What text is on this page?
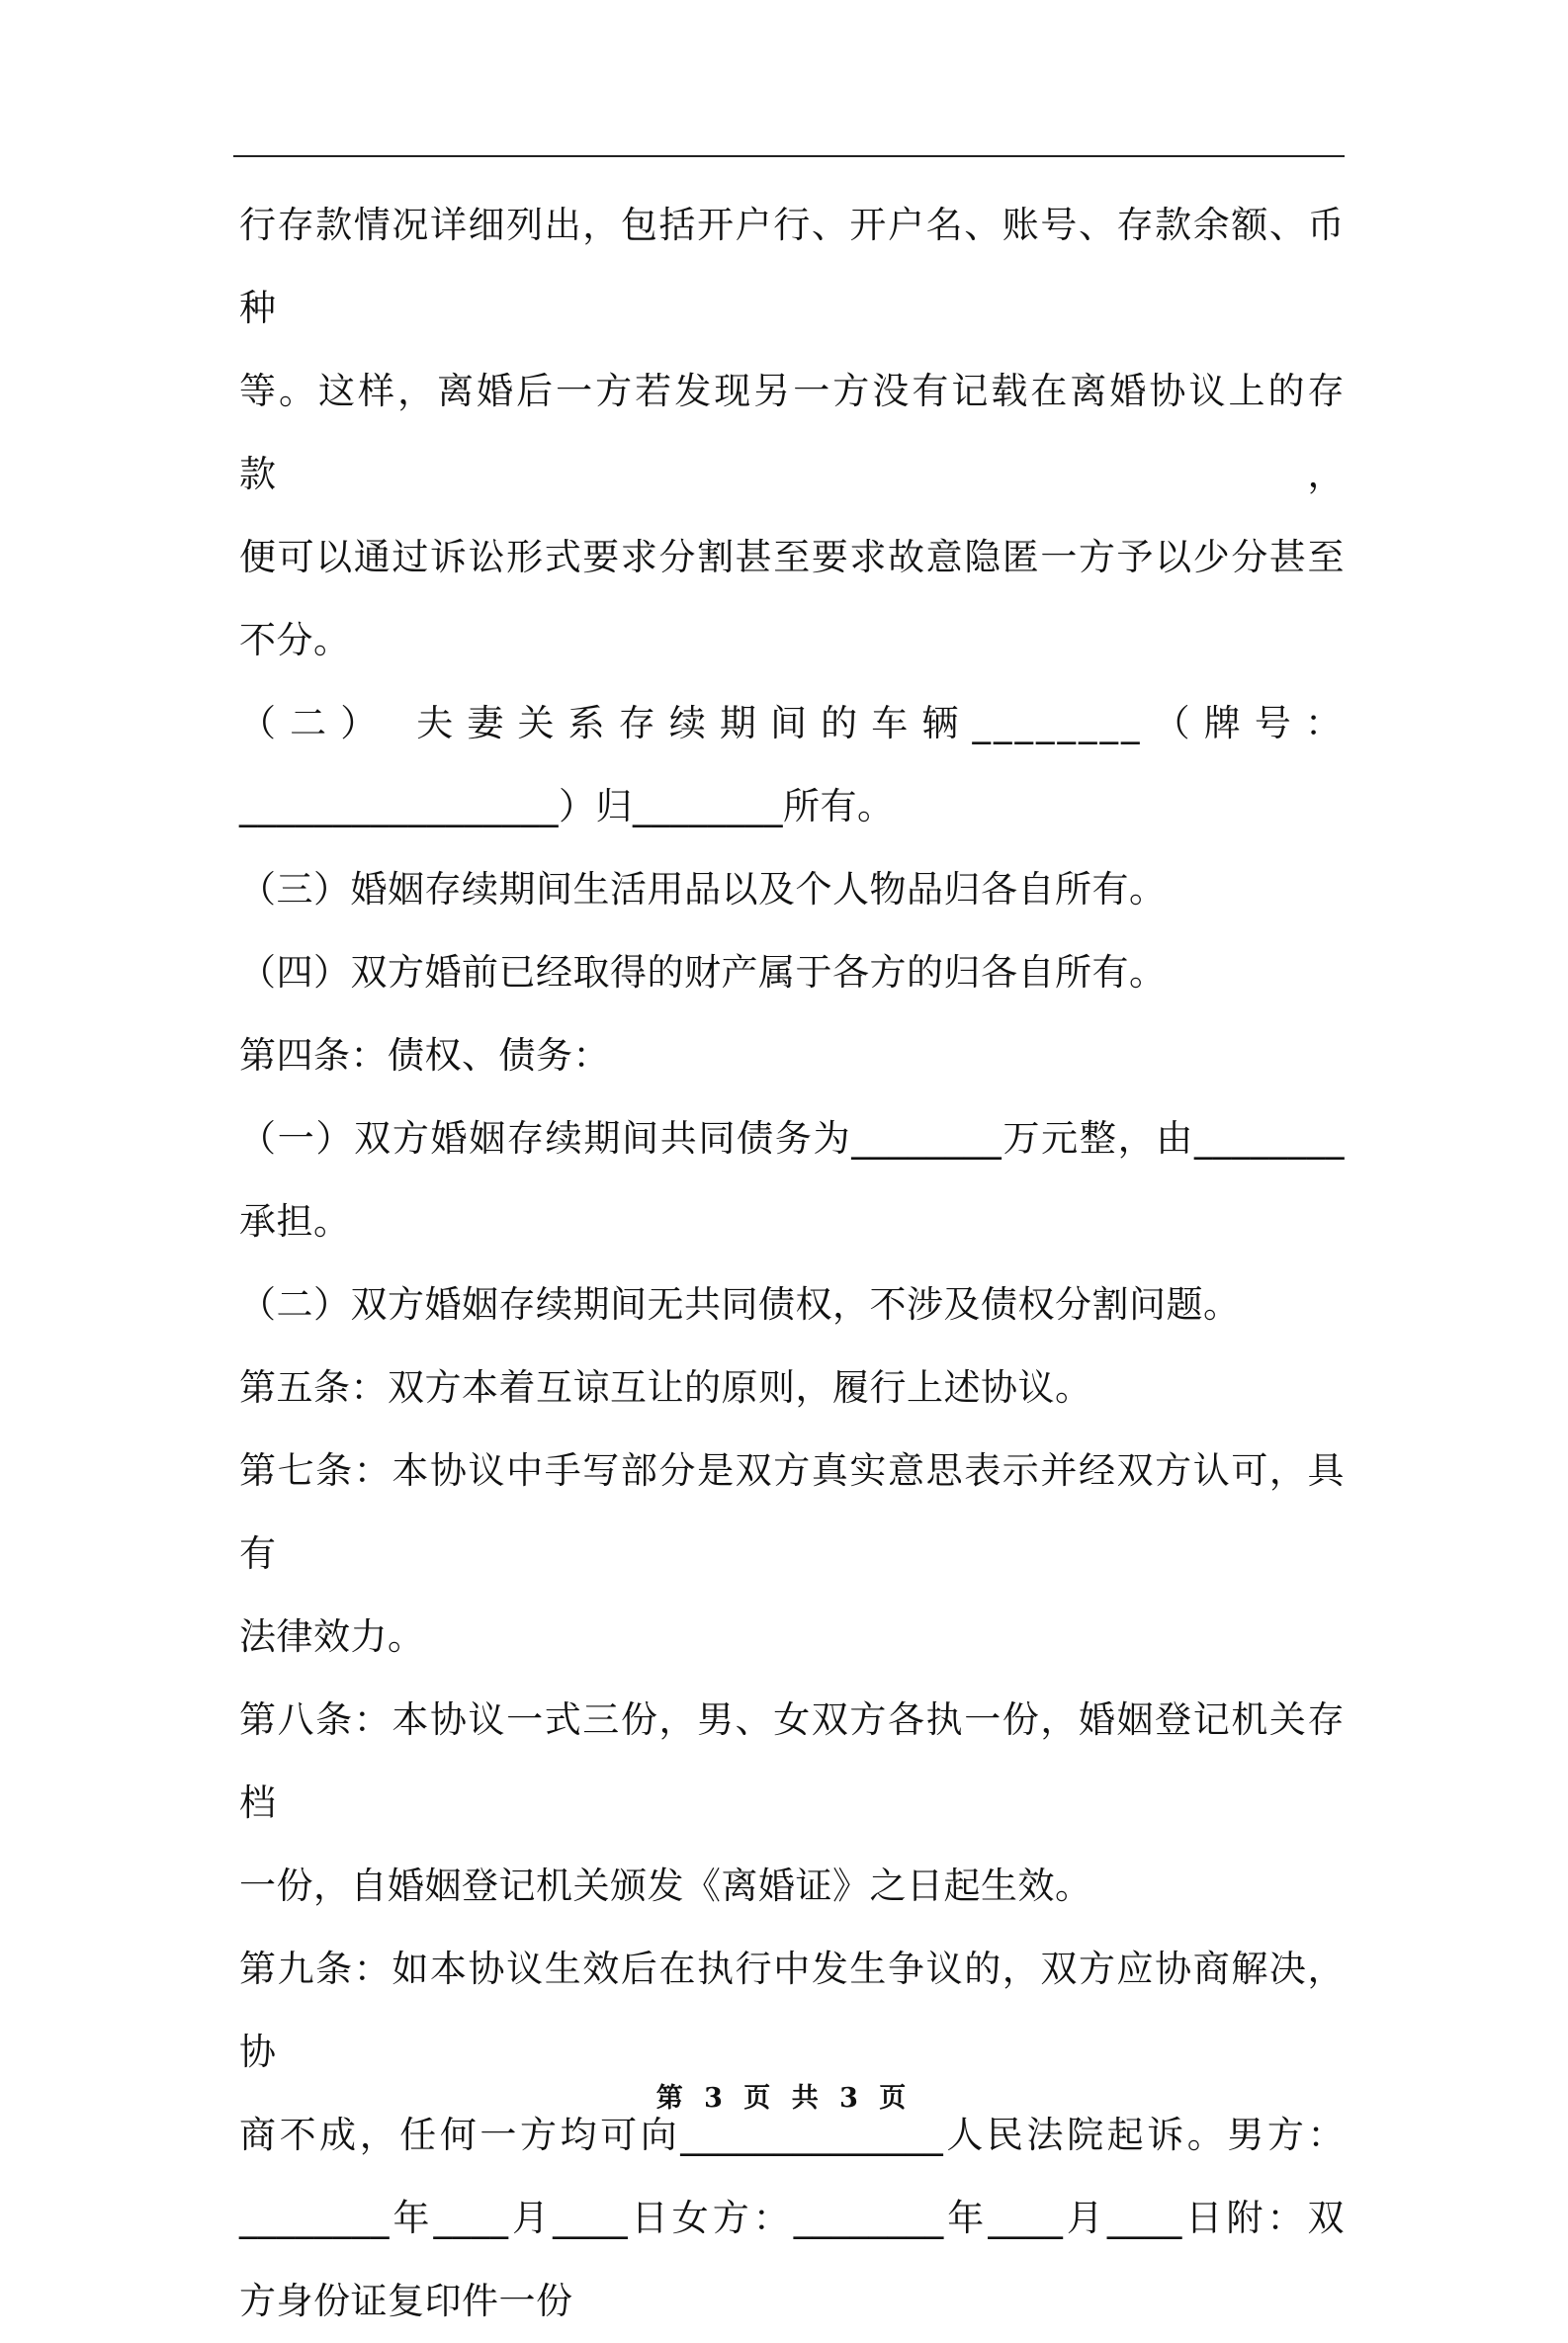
行存款情况详细列出，包括开户行、开户名、账号、存款余额、币种

等。这样，离婚后一方若发现另一方没有记载在离婚协议上的存款，

便可以通过诉讼形式要求分割甚至要求故意隐匿一方予以少分甚至

不分。

（二） 夫妻关系存续期间的车辆________（牌号：

_________________）归________所有。

（三）婚姻存续期间生活用品以及个人物品归各自所有。

（四）双方婚前已经取得的财产属于各方的归各自所有。

第四条：债权、债务：

（一）双方婚姻存续期间共同债务为________万元整，由________

承担。

（二）双方婚姻存续期间无共同债权，不涉及债权分割问题。

第五条：双方本着互谅互让的原则，履行上述协议。

第七条：本协议中手写部分是双方真实意思表示并经双方认可，具有

法律效力。

第八条：本协议一式三份，男、女双方各执一份，婚姻登记机关存档

一份，自婚姻登记机关颁发《离婚证》之日起生效。

第九条：如本协议生效后在执行中发生争议的，双方应协商解决，协

商不成，任何一方均可向______________人民法院起诉。男方：

________年____月____日女方：________年____月____日附：双

方身份证复印件一份

第 3 页 共 3 页
